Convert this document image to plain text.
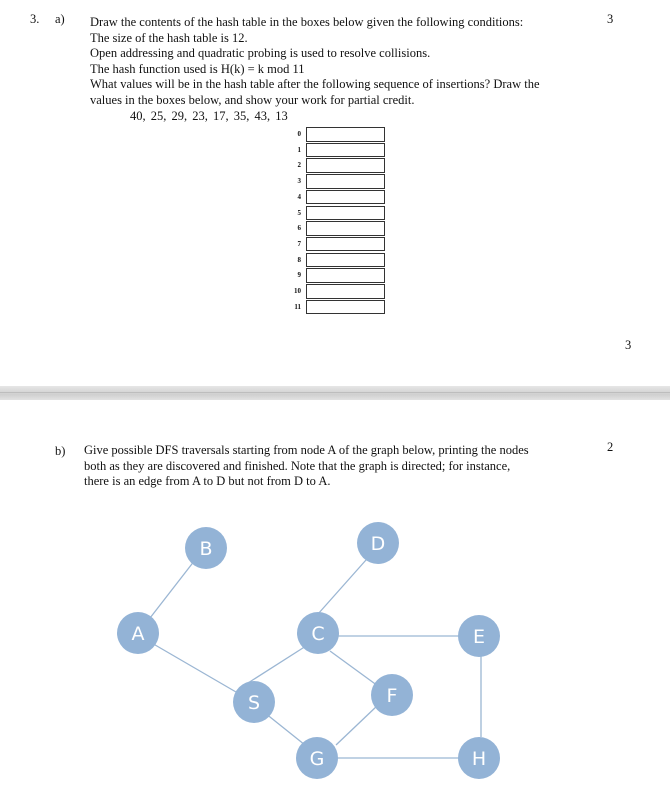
3. a)	3
Draw the contents of the hash table in the boxes below given the following conditions:
The size of the hash table is 12.
Open addressing and quadratic probing is used to resolve collisions.
The hash function used is H(k) = k mod 11
What values will be in the hash table after the following sequence of insertions? Draw the
values in the boxes below, and show your work for partial credit.
40, 25, 29, 23, 17, 35, 43, 13
0
1
2
3
4
5
6
7
8
9
10
11
3
b)	2
Give possible DFS traversals starting from node A of the graph below, printing the nodes
both as they are discovered and finished. Note that the graph is directed; for instance,
there is an edge from A to D but not from D to A.
B	D
A	C	E
S	F
G	H
